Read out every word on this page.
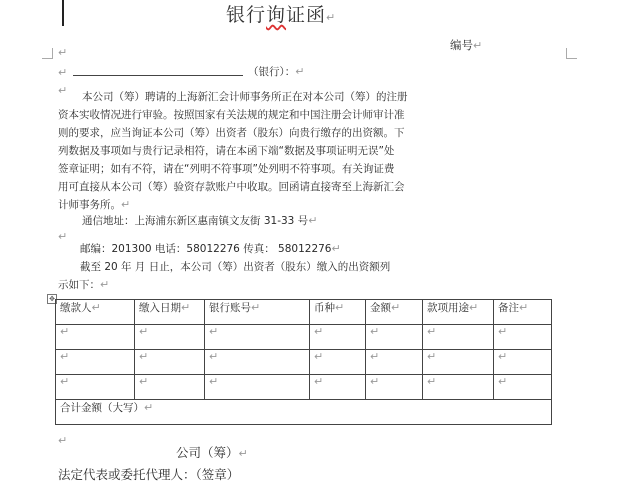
银行询证函↵
编号↵
↵
↵	（银行）：↵
↵ 本公司（筹）聘请的上海新汇会计师事务所正在对本公司（筹）的注册
资本实收情况进行审验。按照国家有关法规的规定和中国注册会计师审计准
则的要求，应当询证本公司（筹）出资者（股东）向贵行缴存的出资额。下
列数据及事项如与贵行记录相符，请在本函下端“数据及事项证明无误”处
签章证明；如有不符，请在“列明不符事项”处列明不符事项。有关询证费
用可直接从本公司（筹）验资存款账户中收取。回函请直接寄至上海新汇会
计师事务所。↵
通信地址：上海浦东新区惠南镇文友街 31-33 号↵
↵
邮编：201300 电话：58012276 传真： 58012276↵
截至 20 年 月 日止，本公司（筹）出资者（股东）缴入的出资额列
示如下：↵
✥
缴款人↵	缴入日期↵	银行账号↵	币种↵	金额↵	款项用途↵	备注↵
↵	↵	↵	↵	↵	↵	↵
↵	↵	↵	↵	↵	↵	↵
↵	↵	↵	↵	↵	↵	↵
合计金额（大写）↵						
↵
公司（筹）↵
法定代表或委托代理人：（签章）
